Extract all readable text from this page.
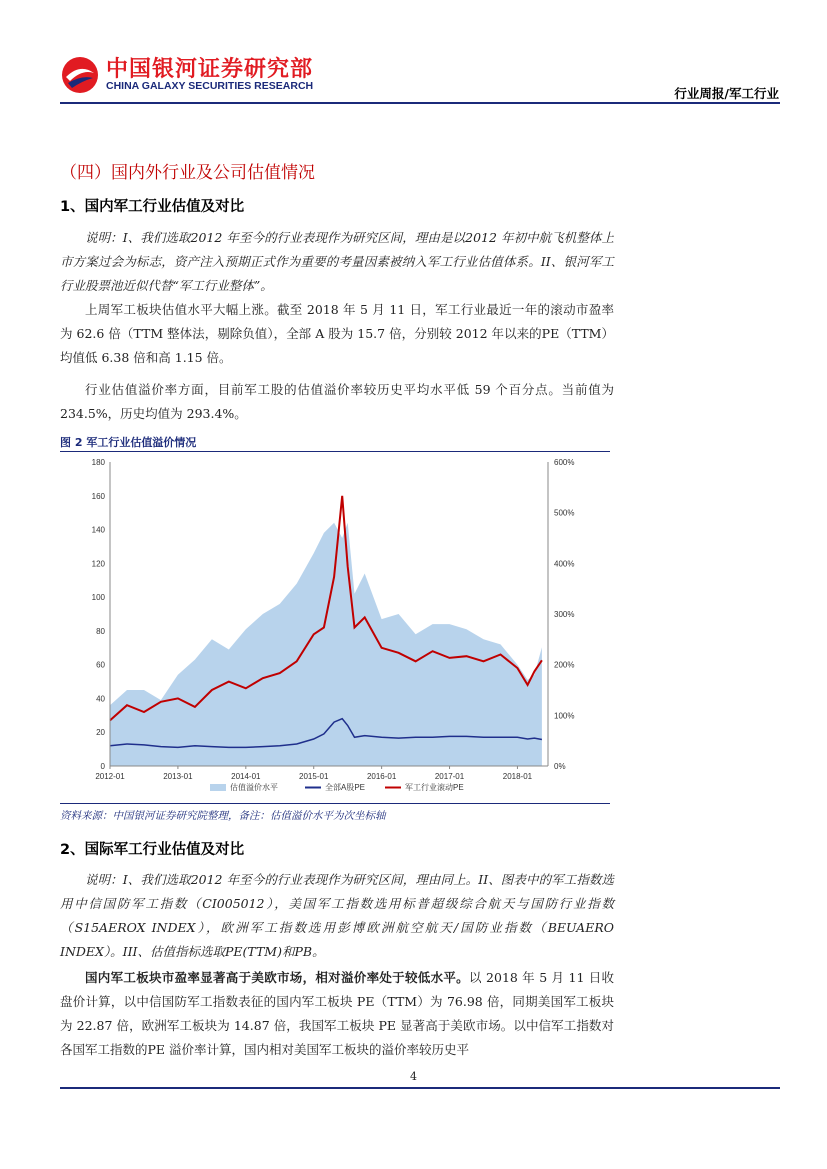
中国银河证券研究部
CHINA GALAXY SECURITIES RESEARCH	行业周报/军工行业
（四）国内外行业及公司估值情况
1、国内军工行业估值及对比
说明：I、我们选取2012 年至今的行业表现作为研究区间，理由是以2012 年初中航飞机整体上市方案过会为标志，资产注入预期正式作为重要的考量因素被纳入军工行业估值体系。II、银河军工行业股票池近似代替“军工行业整体”。
上周军工板块估值水平大幅上涨。截至 2018 年 5 月 11 日，军工行业最近一年的滚动市盈率为 62.6 倍（TTM 整体法，剔除负值），全部 A 股为 15.7 倍，分别较 2012 年以来的PE（TTM）均值低 6.38 倍和高 1.15 倍。
行业估值溢价率方面，目前军工股的估值溢价率较历史平均水平低 59 个百分点。当前值为 234.5%，历史均值为 293.4%。
图 2 军工行业估值溢价情况
0
20
40
60
80
100
120
140
160
180
0%
100%
200%
300%
400%
500%
600%
2012-01	2013-01	2014-01	2015-01	2016-01	2017-01	2018-01
估值溢价水平	全部A股PE	军工行业滚动PE
资料来源：中国银河证券研究院整理，备注：估值溢价水平为次坐标轴
2、国际军工行业估值及对比
说明：I、我们选取2012 年至今的行业表现作为研究区间，理由同上。II、图表中的军工指数选用中信国防军工指数（CI005012），美国军工指数选用标普超级综合航天与国防行业指数（S15AEROX INDEX），欧洲军工指数选用彭博欧洲航空航天/国防业指数（BEUAERO INDEX）。III、估值指标选取PE(TTM)和PB。
国内军工板块市盈率显著高于美欧市场，相对溢价率处于较低水平。以 2018 年 5 月 11 日收盘价计算，以中信国防军工指数表征的国内军工板块 PE（TTM）为 76.98 倍，同期美国军工板块为 22.87 倍，欧洲军工板块为 14.87 倍，我国军工板块 PE 显著高于美欧市场。以中信军工指数对各国军工指数的PE 溢价率计算，国内相对美国军工板块的溢价率较历史平
4
